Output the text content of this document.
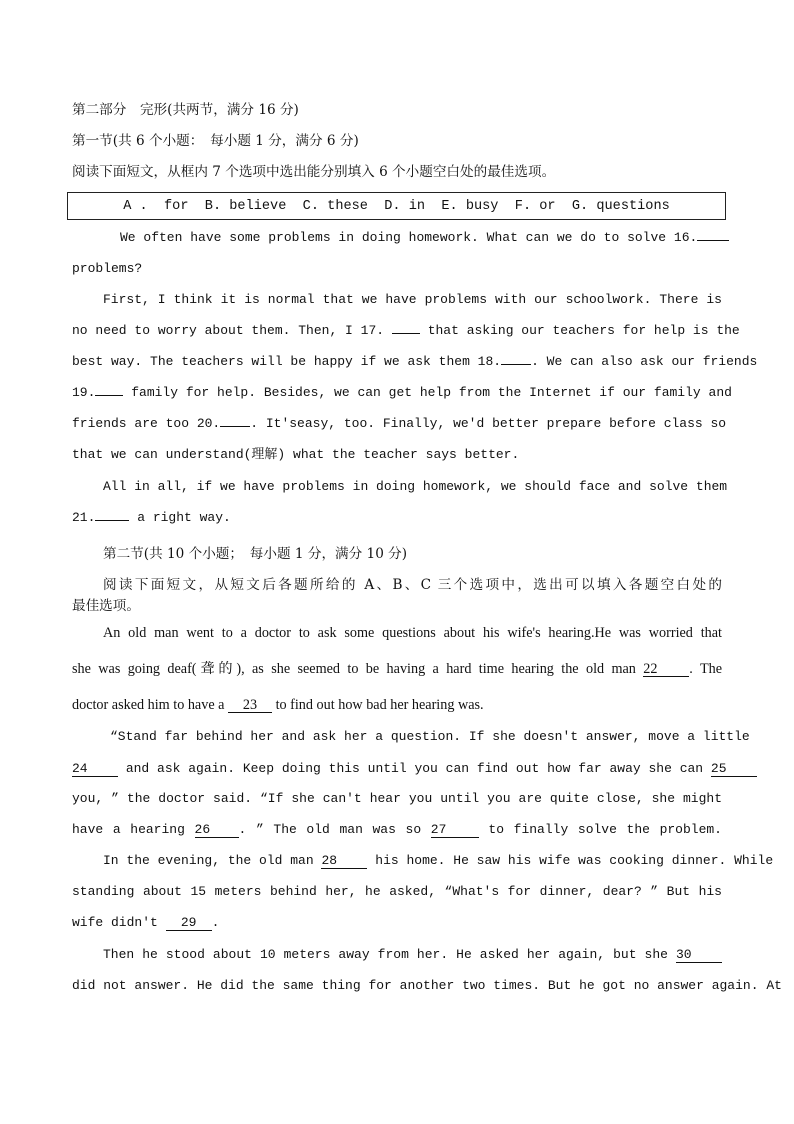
第二部分　完形(共两节，满分 16 分)
第一节(共 6 个小题：　每小题 1 分，满分 6 分)
阅读下面短文，从框内 7 个选项中选出能分别填入 6 个小题空白处的最佳选项。
A .  for  B. believe  C. these  D. in  E. busy  F. or  G. questions
We often have some problems in doing homework. What can we do to solve 16.
problems?
First, I think it is normal that we have problems with our schoolwork. There is
no need to worry about them. Then, I 17.	that asking our teachers for help is the
best way. The teachers will be happy if we ask them 18. . We can also ask our friends
19.	family for help. Besides, we can get help from the Internet if our family and
friends are too 20. . It'seasy, too. Finally, we'd better prepare before class so
that we can understand(理解) what the teacher says better.
All in all, if we have problems in doing homework, we should face and solve them
21.	a right way.
第二节(共 10 个小题；　每小题 1 分，满分 10 分)
阅读下面短文，从短文后各题所给的 A、B、C 三个选项中，选出可以填入各题空白处的
最佳选项。
An old man went to a doctor to ask some questions about his wife's hearing.He was worried that
she was going deaf(聋的), as she seemed to be having a hard time hearing the old man 22 . The
doctor asked him to have a 23 to find out how bad her hearing was.
“Stand far behind her and ask her a question. If she doesn't answer, move a little
24	and ask again. Keep doing this until you can find out how far away she can 25
you, ” the doctor said. “If she can't hear you until you are quite close, she might
have a hearing 26 . ” The old man was so 27	to finally solve the problem.
In the evening, the old man 28	his home. He saw his wife was cooking dinner. While
standing about 15 meters behind her, he asked, “What's for dinner, dear? ” But his
wife didn't 29 .
Then he stood about 10 meters away from her. He asked her again, but she 30
did not answer. He did the same thing for another two times. But he got no answer again. At
